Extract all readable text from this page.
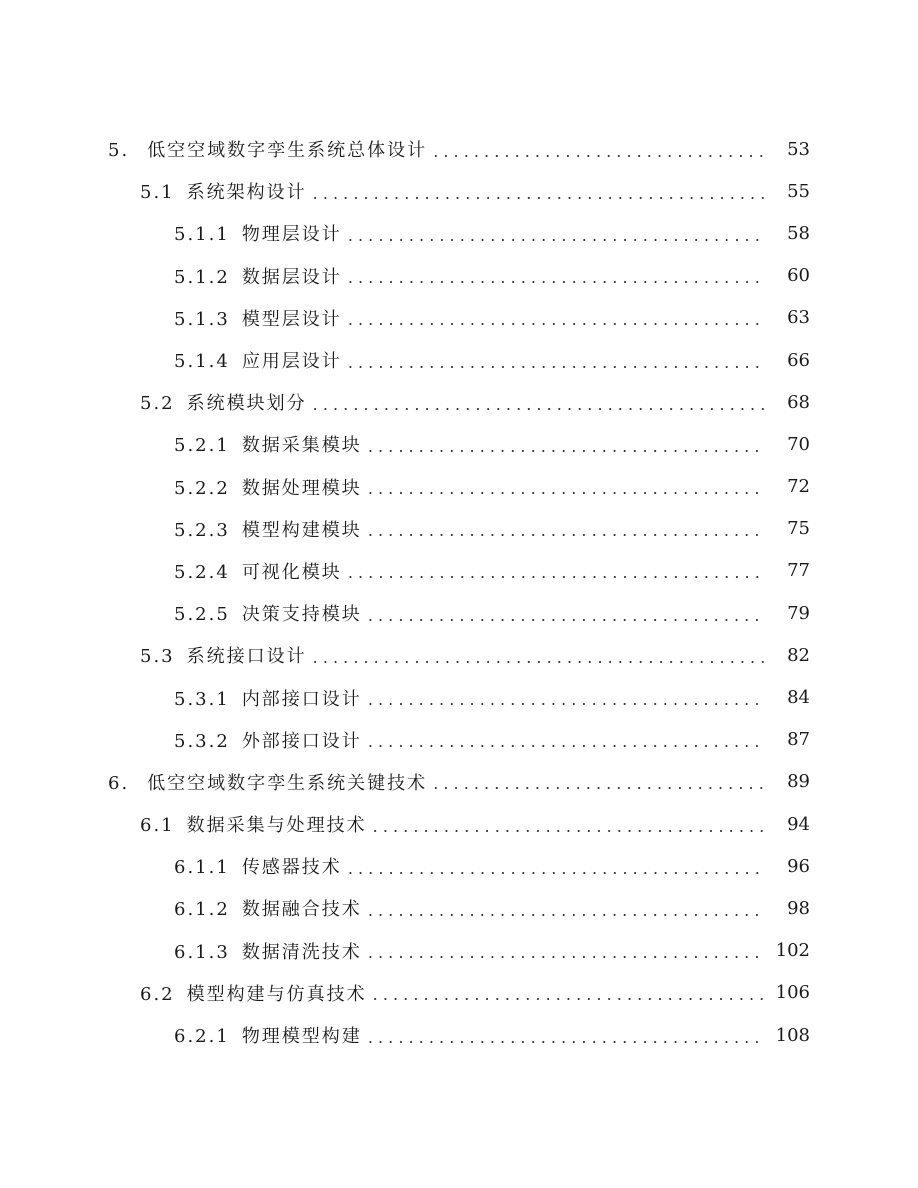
5. 低空空域数字孪生系统总体设计 . . .	53
5.1 系统架构设计 . . .	55
5.1.1 物理层设计 . . .	58
5.1.2 数据层设计 . . .	60
5.1.3 模型层设计 . . .	63
5.1.4 应用层设计 . . .	66
5.2 系统模块划分 . . .	68
5.2.1 数据采集模块 . . .	70
5.2.2 数据处理模块 . . .	72
5.2.3 模型构建模块 . . .	75
5.2.4 可视化模块 . . .	77
5.2.5 决策支持模块 . . .	79
5.3 系统接口设计 . . .	82
5.3.1 内部接口设计 . . .	84
5.3.2 外部接口设计 . . .	87
6. 低空空域数字孪生系统关键技术 . . .	89
6.1 数据采集与处理技术 . . .	94
6.1.1 传感器技术 . . .	96
6.1.2 数据融合技术 . . .	98
6.1.3 数据清洗技术 . . .	102
6.2 模型构建与仿真技术 . . .	106
6.2.1 物理模型构建 . . .	108
